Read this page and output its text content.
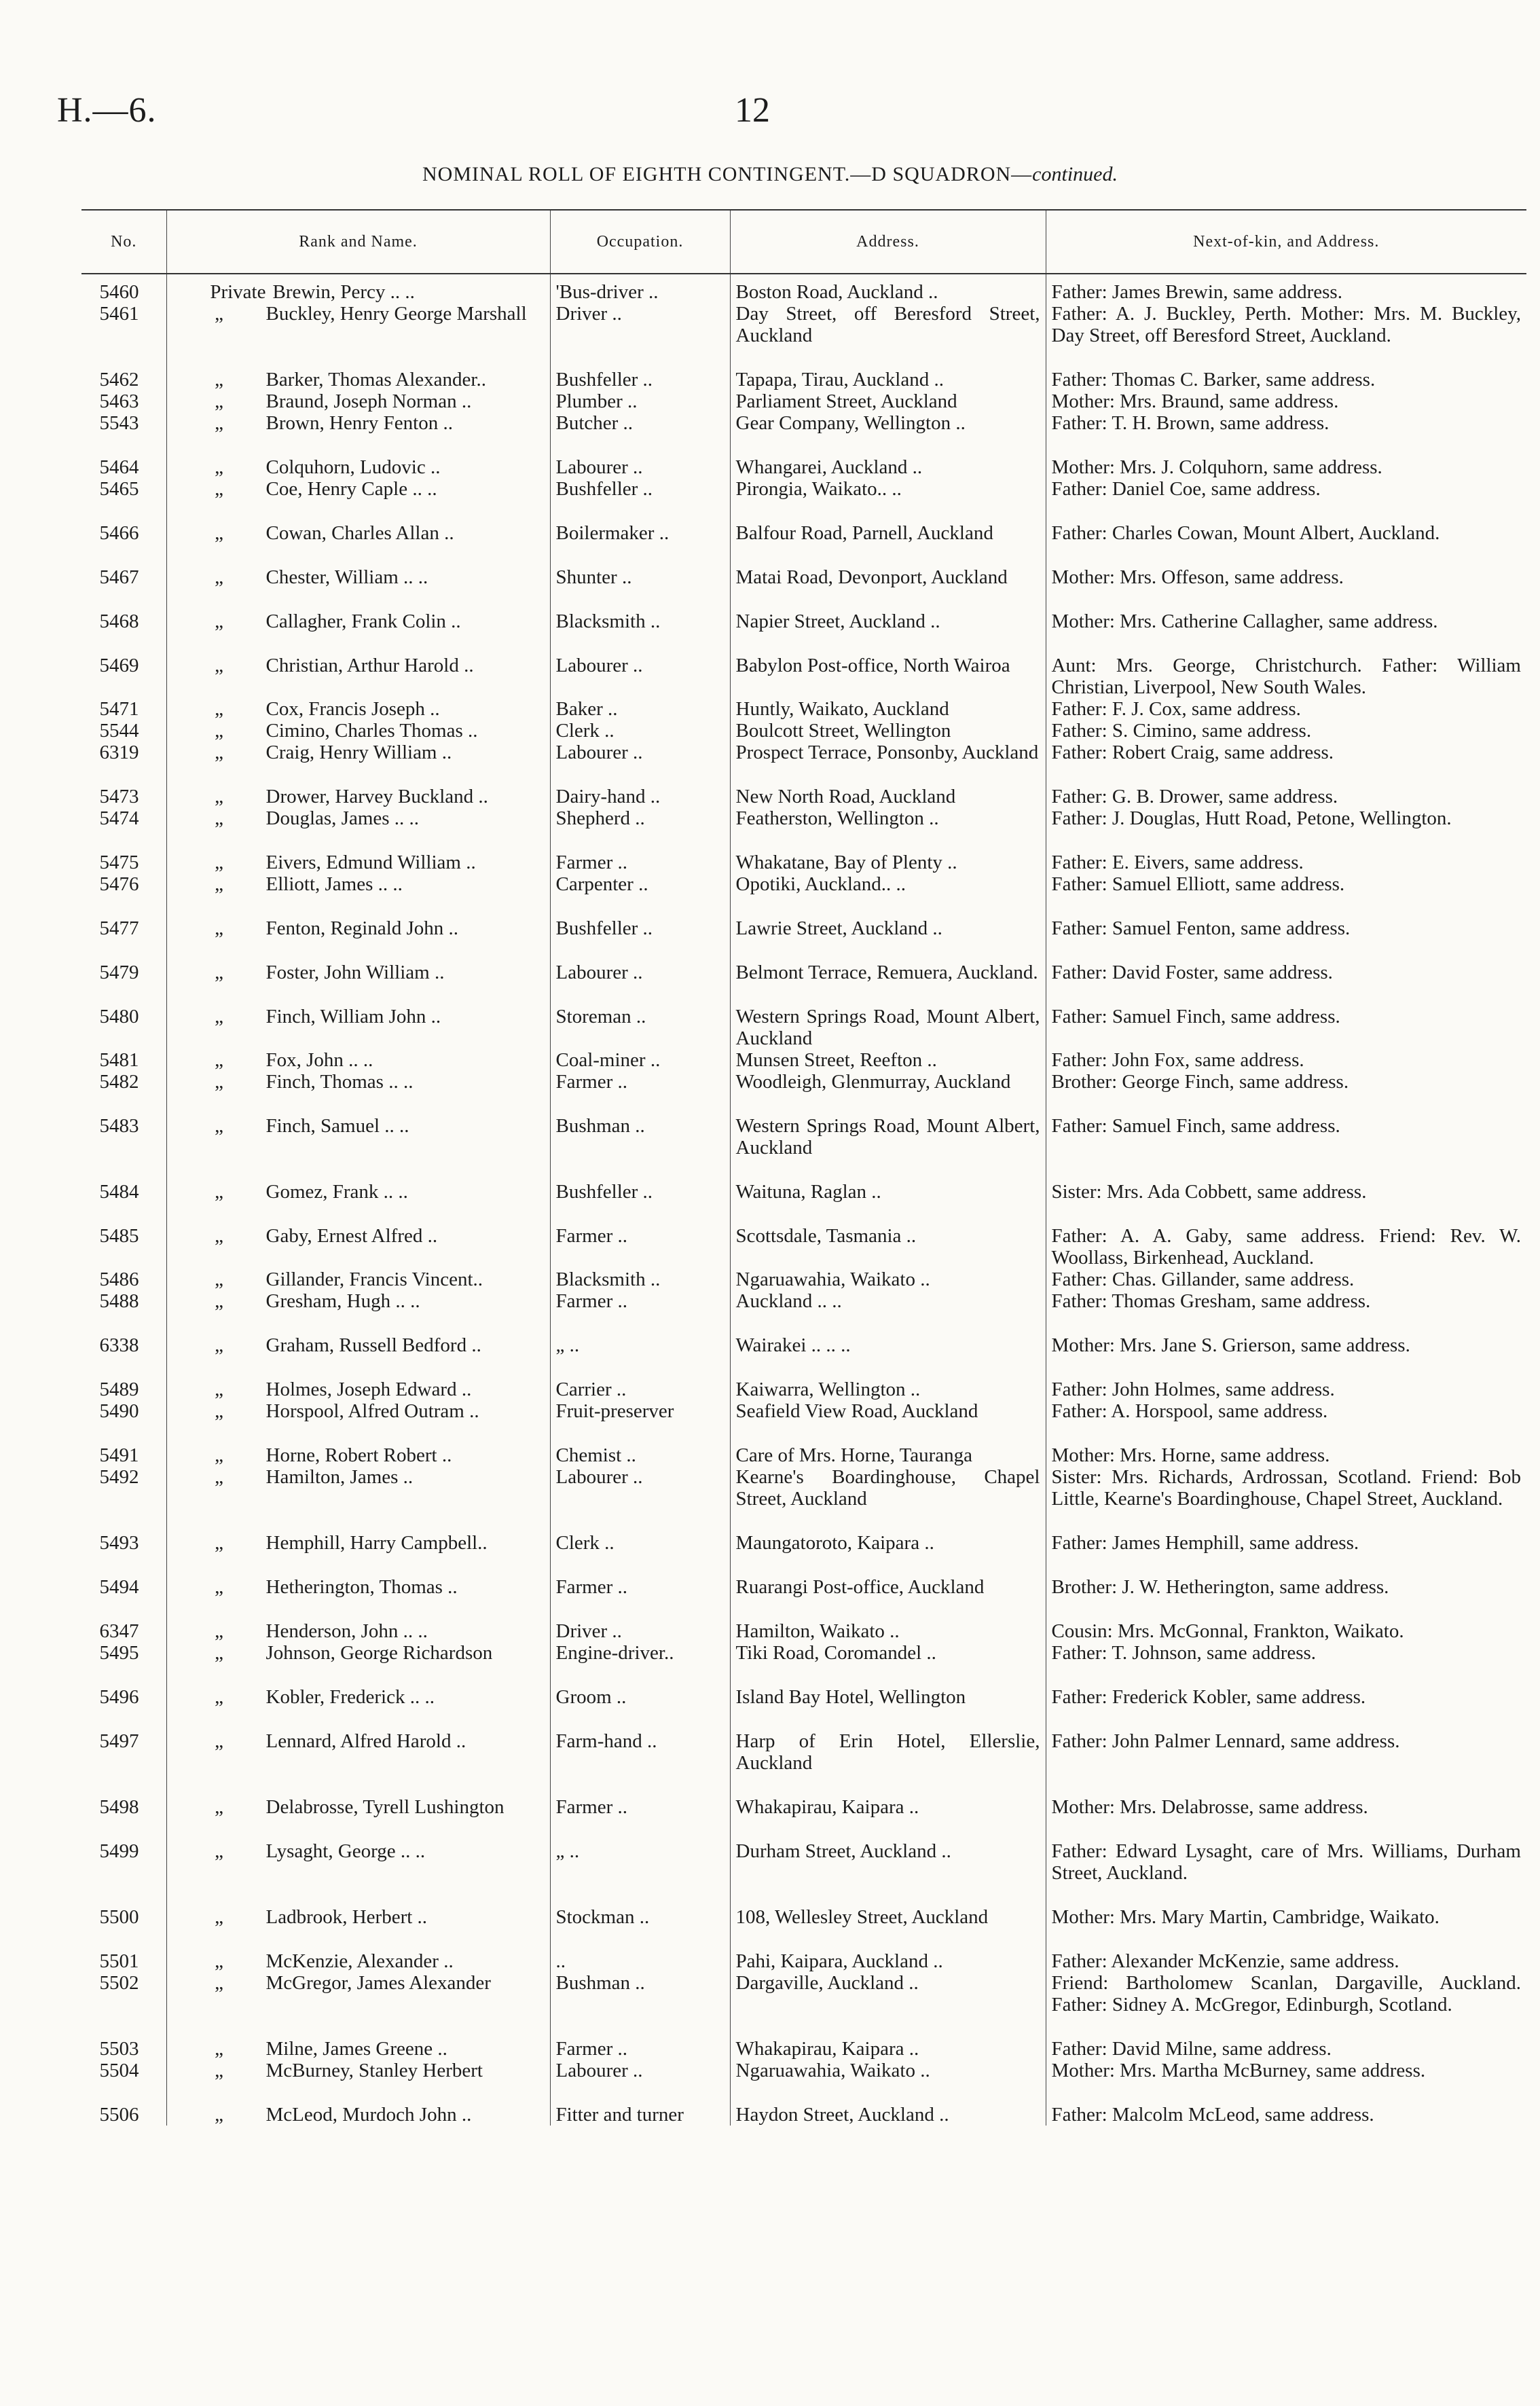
H.—6.	12
NOMINAL ROLL OF EIGHTH CONTINGENT.—D SQUADRON—continued.
No.	Rank and Name.	Occupation.	Address.	Next-of-kin, and Address.
5460	Private Brewin, Percy .. ..	'Bus-driver ..	Boston Road, Auckland ..	Father: James Brewin, same address.
5461	„ Buckley, Henry George Marshall	Driver ..	Day Street, off Beresford Street, Auckland	Father: A. J. Buckley, Perth. Mother: Mrs. M. Buckley, Day Street, off Beresford Street, Auckland.
5462	„ Barker, Thomas Alexander..	Bushfeller ..	Tapapa, Tirau, Auckland ..	Father: Thomas C. Barker, same address.
5463	„ Braund, Joseph Norman ..	Plumber ..	Parliament Street, Auckland	Mother: Mrs. Braund, same address.
5543	„ Brown, Henry Fenton ..	Butcher ..	Gear Company, Wellington ..	Father: T. H. Brown, same address.
5464	„ Colquhorn, Ludovic ..	Labourer ..	Whangarei, Auckland ..	Mother: Mrs. J. Colquhorn, same address.
5465	„ Coe, Henry Caple .. ..	Bushfeller ..	Pirongia, Waikato.. ..	Father: Daniel Coe, same address.
5466	„ Cowan, Charles Allan ..	Boilermaker ..	Balfour Road, Parnell, Auckland	Father: Charles Cowan, Mount Albert, Auckland.
5467	„ Chester, William .. ..	Shunter ..	Matai Road, Devonport, Auckland	Mother: Mrs. Offeson, same address.
5468	„ Callagher, Frank Colin ..	Blacksmith ..	Napier Street, Auckland ..	Mother: Mrs. Catherine Callagher, same address.
5469	„ Christian, Arthur Harold ..	Labourer ..	Babylon Post-office, North Wairoa	Aunt: Mrs. George, Christchurch. Father: William Christian, Liverpool, New South Wales.
5471	„ Cox, Francis Joseph ..	Baker ..	Huntly, Waikato, Auckland	Father: F. J. Cox, same address.
5544	„ Cimino, Charles Thomas ..	Clerk ..	Boulcott Street, Wellington	Father: S. Cimino, same address.
6319	„ Craig, Henry William ..	Labourer ..	Prospect Terrace, Ponsonby, Auckland	Father: Robert Craig, same address.
5473	„ Drower, Harvey Buckland ..	Dairy-hand ..	New North Road, Auckland	Father: G. B. Drower, same address.
5474	„ Douglas, James .. ..	Shepherd ..	Featherston, Wellington ..	Father: J. Douglas, Hutt Road, Petone, Wellington.
5475	„ Eivers, Edmund William ..	Farmer ..	Whakatane, Bay of Plenty ..	Father: E. Eivers, same address.
5476	„ Elliott, James .. ..	Carpenter ..	Opotiki, Auckland.. ..	Father: Samuel Elliott, same address.
5477	„ Fenton, Reginald John ..	Bushfeller ..	Lawrie Street, Auckland ..	Father: Samuel Fenton, same address.
5479	„ Foster, John William ..	Labourer ..	Belmont Terrace, Remuera, Auckland.	Father: David Foster, same address.
5480	„ Finch, William John ..	Storeman ..	Western Springs Road, Mount Albert, Auckland	Father: Samuel Finch, same address.
5481	„ Fox, John .. ..	Coal-miner ..	Munsen Street, Reefton ..	Father: John Fox, same address.
5482	„ Finch, Thomas .. ..	Farmer ..	Woodleigh, Glenmurray, Auckland	Brother: George Finch, same address.
5483	„ Finch, Samuel .. ..	Bushman ..	Western Springs Road, Mount Albert, Auckland	Father: Samuel Finch, same address.
5484	„ Gomez, Frank .. ..	Bushfeller ..	Waituna, Raglan ..	Sister: Mrs. Ada Cobbett, same address.
5485	„ Gaby, Ernest Alfred ..	Farmer ..	Scottsdale, Tasmania ..	Father: A. A. Gaby, same address. Friend: Rev. W. Woollass, Birkenhead, Auckland.
5486	„ Gillander, Francis Vincent..	Blacksmith ..	Ngaruawahia, Waikato ..	Father: Chas. Gillander, same address.
5488	„ Gresham, Hugh .. ..	Farmer ..	Auckland .. ..	Father: Thomas Gresham, same address.
6338	„ Graham, Russell Bedford ..	„ ..	Wairakei .. .. ..	Mother: Mrs. Jane S. Grierson, same address.
5489	„ Holmes, Joseph Edward ..	Carrier ..	Kaiwarra, Wellington ..	Father: John Holmes, same address.
5490	„ Horspool, Alfred Outram ..	Fruit-preserver	Seafield View Road, Auckland	Father: A. Horspool, same address.
5491	„ Horne, Robert Robert ..	Chemist ..	Care of Mrs. Horne, Tauranga	Mother: Mrs. Horne, same address.
5492	„ Hamilton, James ..	Labourer ..	Kearne's Boardinghouse, Chapel Street, Auckland	Sister: Mrs. Richards, Ardrossan, Scotland. Friend: Bob Little, Kearne's Boardinghouse, Chapel Street, Auckland.
5493	„ Hemphill, Harry Campbell..	Clerk ..	Maungatoroto, Kaipara ..	Father: James Hemphill, same address.
5494	„ Hetherington, Thomas ..	Farmer ..	Ruarangi Post-office, Auckland	Brother: J. W. Hetherington, same address.
6347	„ Henderson, John .. ..	Driver ..	Hamilton, Waikato ..	Cousin: Mrs. McGonnal, Frankton, Waikato.
5495	„ Johnson, George Richardson	Engine-driver..	Tiki Road, Coromandel ..	Father: T. Johnson, same address.
5496	„ Kobler, Frederick .. ..	Groom ..	Island Bay Hotel, Wellington	Father: Frederick Kobler, same address.
5497	„ Lennard, Alfred Harold ..	Farm-hand ..	Harp of Erin Hotel, Ellerslie, Auckland	Father: John Palmer Lennard, same address.
5498	„ Delabrosse, Tyrell Lushington	Farmer ..	Whakapirau, Kaipara ..	Mother: Mrs. Delabrosse, same address.
5499	„ Lysaght, George .. ..	„ ..	Durham Street, Auckland ..	Father: Edward Lysaght, care of Mrs. Williams, Durham Street, Auckland.
5500	„ Ladbrook, Herbert ..	Stockman ..	108, Wellesley Street, Auckland	Mother: Mrs. Mary Martin, Cambridge, Waikato.
5501	„ McKenzie, Alexander ..	..	Pahi, Kaipara, Auckland ..	Father: Alexander McKenzie, same address.
5502	„ McGregor, James Alexander	Bushman ..	Dargaville, Auckland ..	Friend: Bartholomew Scanlan, Dargaville, Auckland. Father: Sidney A. McGregor, Edinburgh, Scotland.
5503	„ Milne, James Greene ..	Farmer ..	Whakapirau, Kaipara ..	Father: David Milne, same address.
5504	„ McBurney, Stanley Herbert	Labourer ..	Ngaruawahia, Waikato ..	Mother: Mrs. Martha McBurney, same address.
5506	„ McLeod, Murdoch John ..	Fitter and turner	Haydon Street, Auckland ..	Father: Malcolm McLeod, same address.
